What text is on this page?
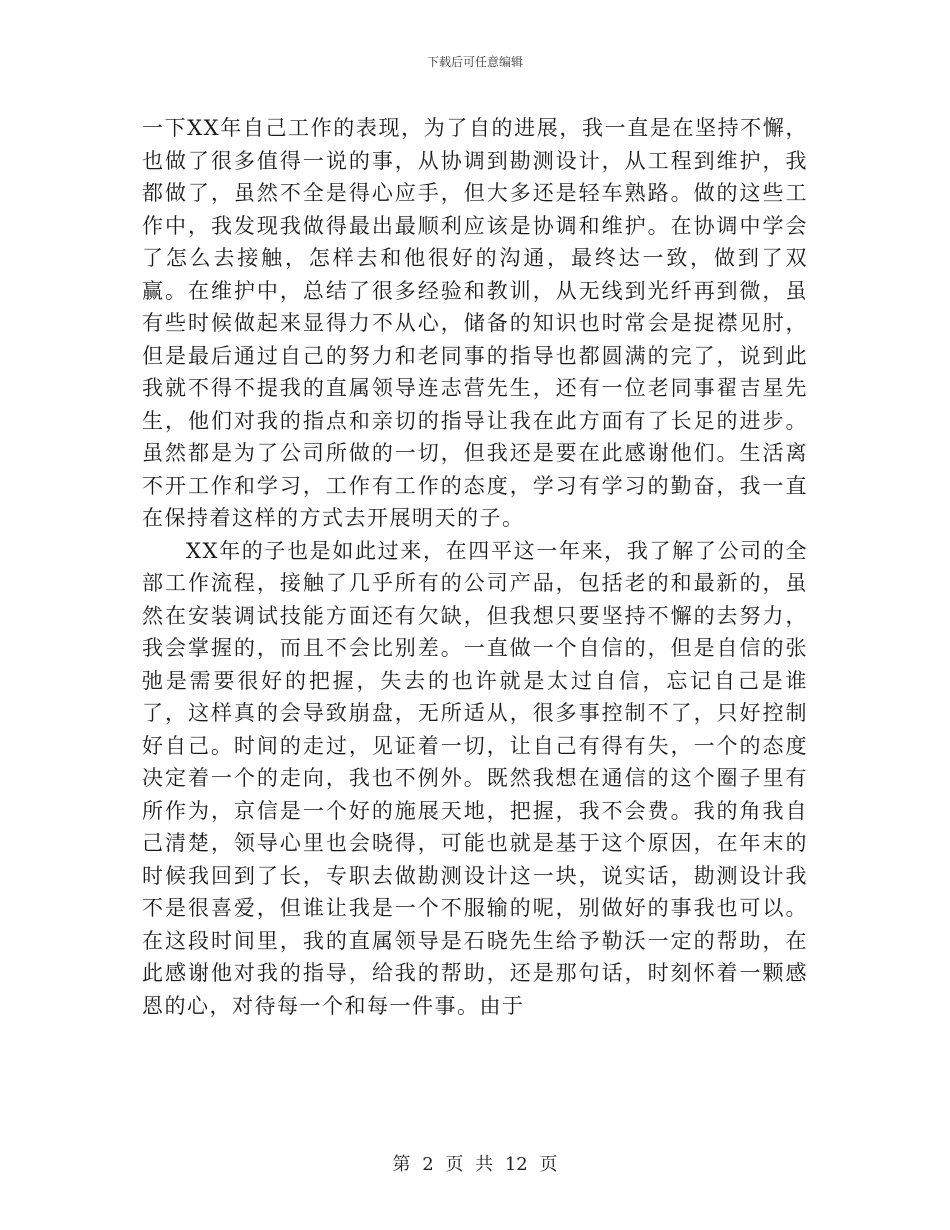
下载后可任意编辑

一下XX年自己工作的表现，为了自的进展，我一直是在坚持不懈，也做了很多值得一说的事，从协调到勘测设计，从工程到维护，我都做了，虽然不全是得心应手，但大多还是轻车熟路。做的这些工作中，我发现我做得最出最顺利应该是协调和维护。在协调中学会了怎么去接触，怎样去和他很好的沟通，最终达一致，做到了双赢。在维护中，总结了很多经验和教训，从无线到光纤再到微，虽有些时候做起来显得力不从心，储备的知识也时常会是捉襟见肘，但是最后通过自己的努力和老同事的指导也都圆满的完了，说到此我就不得不提我的直属领导连志营先生，还有一位老同事翟吉星先生，他们对我的指点和亲切的指导让我在此方面有了长足的进步。虽然都是为了公司所做的一切，但我还是要在此感谢他们。生活离不开工作和学习，工作有工作的态度，学习有学习的勤奋，我一直在保持着这样的方式去开展明天的子。

XX年的子也是如此过来，在四平这一年来，我了解了公司的全部工作流程，接触了几乎所有的公司产品，包括老的和最新的，虽然在安装调试技能方面还有欠缺，但我想只要坚持不懈的去努力，我会掌握的，而且不会比别差。一直做一个自信的，但是自信的张弛是需要很好的把握，失去的也许就是太过自信，忘记自己是谁了，这样真的会导致崩盘，无所适从，很多事控制不了，只好控制好自己。时间的走过，见证着一切，让自己有得有失，一个的态度决定着一个的走向，我也不例外。既然我想在通信的这个圈子里有所作为，京信是一个好的施展天地，把握，我不会费。我的角我自己清楚，领导心里也会晓得，可能也就是基于这个原因，在年末的时候我回到了长，专职去做勘测设计这一块，说实话，勘测设计我不是很喜爱，但谁让我是一个不服输的呢，别做好的事我也可以。在这段时间里，我的直属领导是石晓先生给予勒沃一定的帮助，在此感谢他对我的指导，给我的帮助，还是那句话，时刻怀着一颗感恩的心，对待每一个和每一件事。由于

第 2 页 共 12 页
